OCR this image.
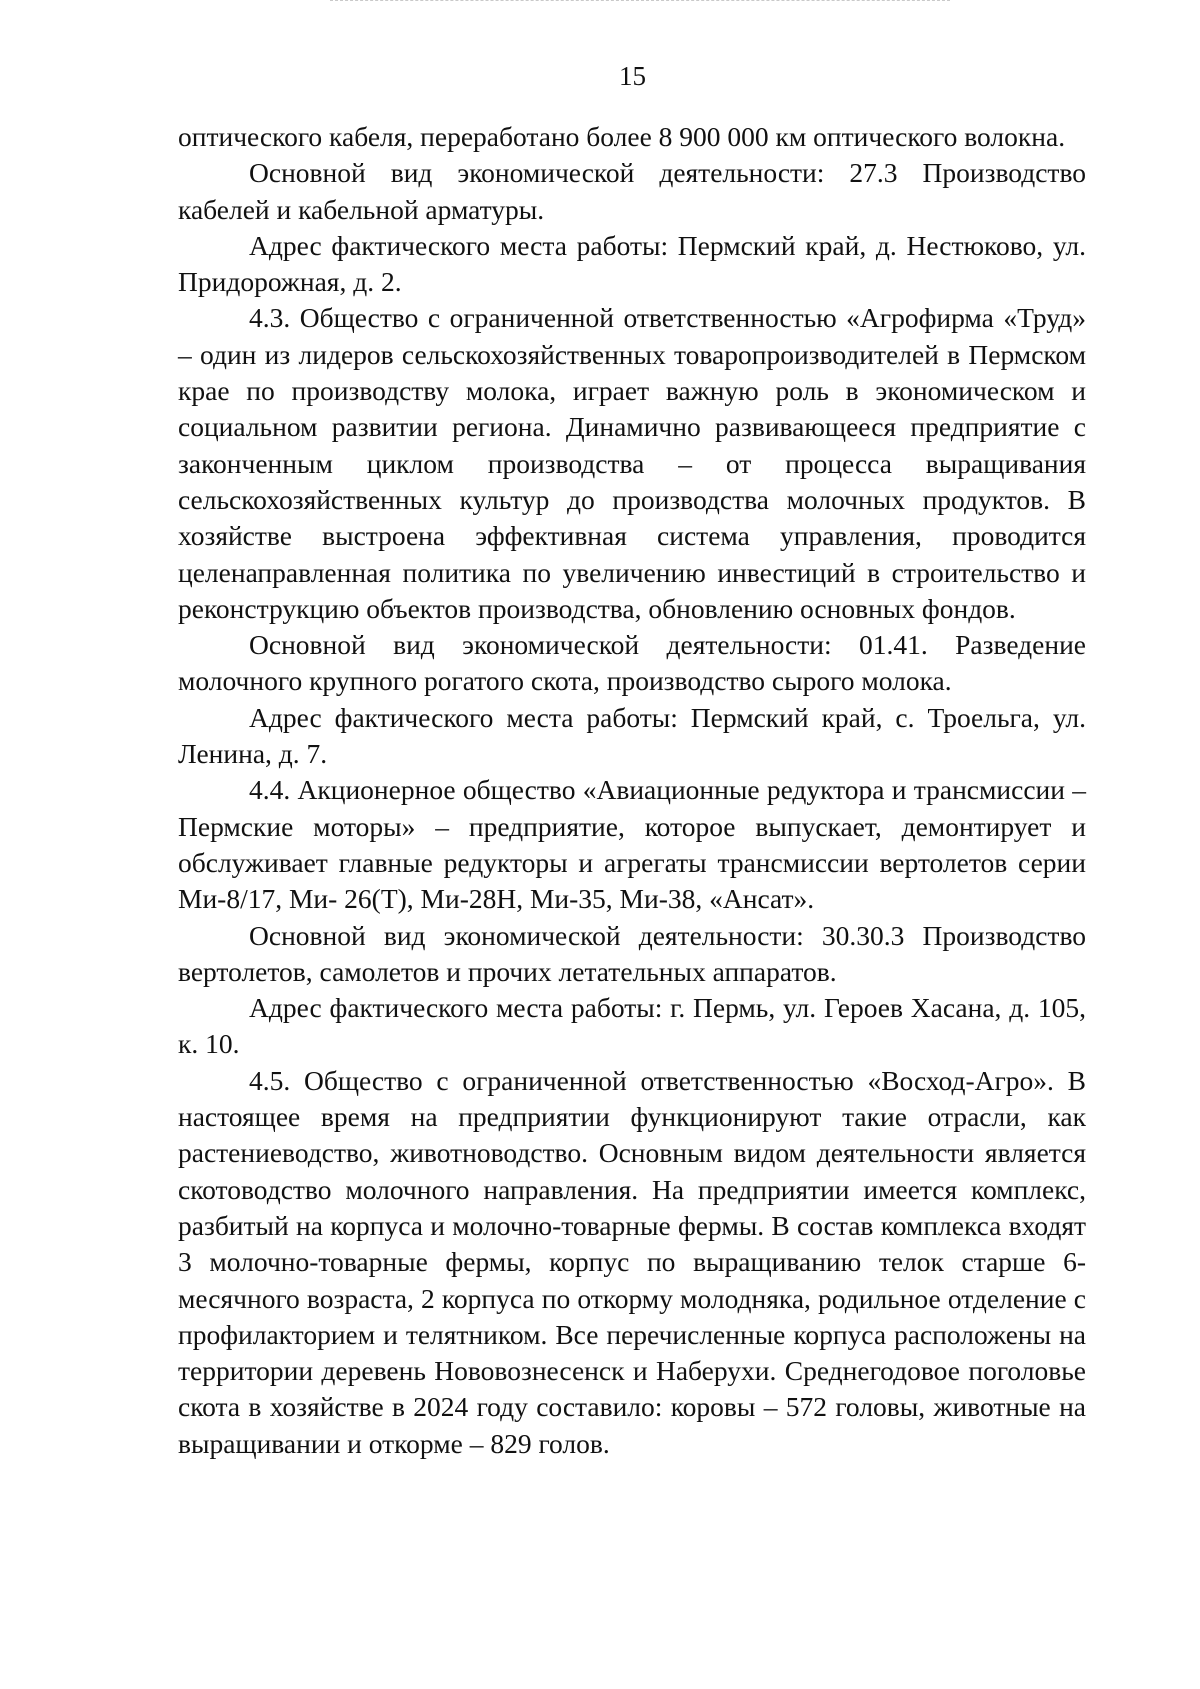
15

оптического кабеля, переработано более 8 900 000 км оптического волокна.

Основной вид экономической деятельности: 27.3 Производство кабелей и кабельной арматуры.

Адрес фактического места работы: Пермский край, д. Нестюково, ул. Придорожная, д. 2.

4.3. Общество с ограниченной ответственностью «Агрофирма «Труд» – один из лидеров сельскохозяйственных товаропроизводителей в Пермском крае по производству молока, играет важную роль в экономическом и социальном развитии региона. Динамично развивающееся предприятие с законченным циклом производства – от процесса выращивания сельскохозяйственных культур до производства молочных продуктов. В хозяйстве выстроена эффективная система управления, проводится целенаправленная политика по увеличению инвестиций в строительство и реконструкцию объектов производства, обновлению основных фондов.

Основной вид экономической деятельности: 01.41. Разведение молочного крупного рогатого скота, производство сырого молока.

Адрес фактического места работы: Пермский край, с. Троельга, ул. Ленина, д. 7.

4.4. Акционерное общество «Авиационные редуктора и трансмиссии – Пермские моторы» – предприятие, которое выпускает, демонтирует и обслуживает главные редукторы и агрегаты трансмиссии вертолетов серии Ми-8/17, Ми- 26(Т), Ми-28Н, Ми-35, Ми-38, «Ансат».

Основной вид экономической деятельности: 30.30.3 Производство вертолетов, самолетов и прочих летательных аппаратов.

Адрес фактического места работы: г. Пермь, ул. Героев Хасана, д. 105, к. 10.

4.5. Общество с ограниченной ответственностью «Восход-Агро». В настоящее время на предприятии функционируют такие отрасли, как растениеводство, животноводство. Основным видом деятельности является скотоводство молочного направления. На предприятии имеется комплекс, разбитый на корпуса и молочно-товарные фермы. В состав комплекса входят 3 молочно-товарные фермы, корпус по выращиванию телок старше 6-месячного возраста, 2 корпуса по откорму молодняка, родильное отделение с профилакторием и телятником. Все перечисленные корпуса расположены на территории деревень Нововознесенск и Наберухи. Среднегодовое поголовье скота в хозяйстве в 2024 году составило: коровы – 572 головы, животные на выращивании и откорме – 829 голов.
